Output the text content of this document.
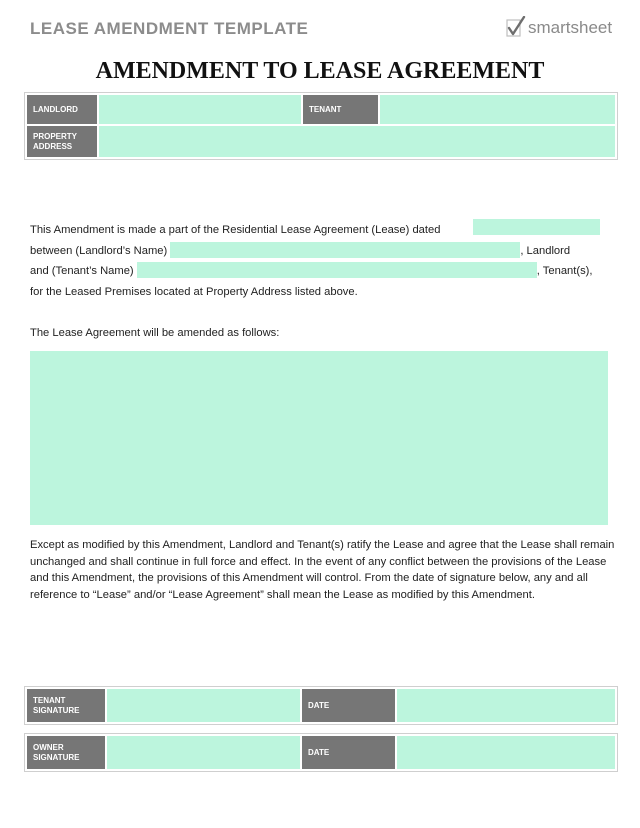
LEASE AMENDMENT TEMPLATE	smartsheet
AMENDMENT TO LEASE AGREEMENT
LANDLORD		TENANT	
PROPERTY
ADDRESS			
This Amendment is made a part of the Residential Lease Agreement (Lease) dated
between (Landlord’s Name)	, Landlord
and (Tenant’s Name)	, Tenant(s),
for the Leased Premises located at Property Address listed above.
The Lease Agreement will be amended as follows:
Except as modified by this Amendment, Landlord and Tenant(s) ratify the Lease and agree that the Lease shall remain unchanged and shall continue in full force and effect. In the event of any conflict between the provisions of the Lease and this Amendment, the provisions of this Amendment will control. From the date of signature below, any and all reference to “Lease” and/or “Lease Agreement” shall mean the Lease as modified by this Amendment.
TENANT
SIGNATURE		DATE	
OWNER
SIGNATURE		DATE	
